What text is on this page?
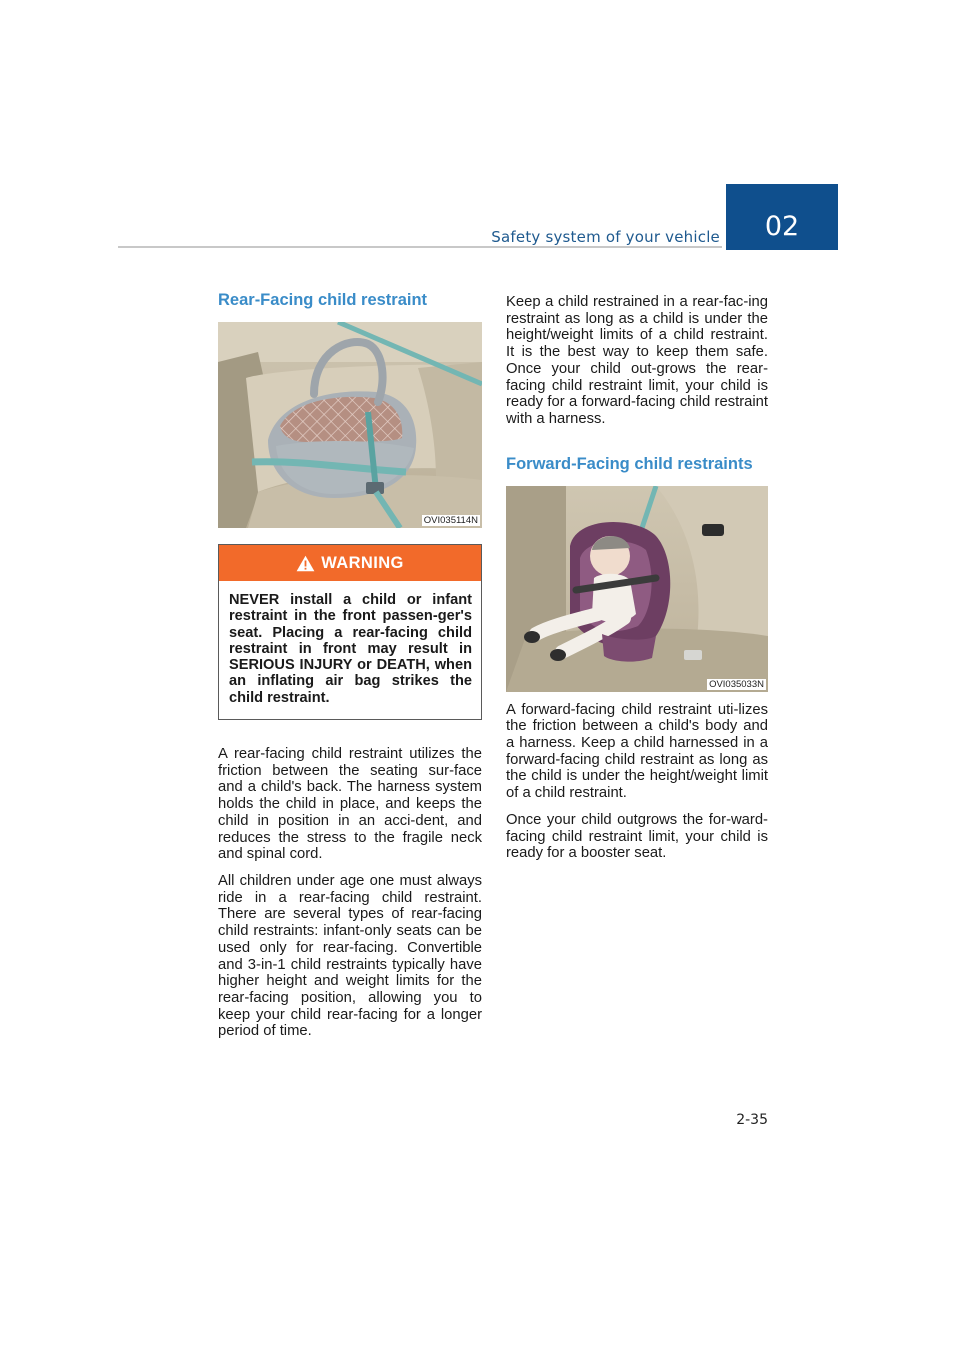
Safety system of your vehicle	02
Rear-Facing child restraint
OVI035114N
WARNING
NEVER install a child or infant restraint in the front passen-ger's seat. Placing a rear-facing child restraint in front may result in SERIOUS INJURY or DEATH, when an inflating air bag strikes the child restraint.

A rear-facing child restraint utilizes the friction between the seating sur-face and a child's back. The harness system holds the child in place, and keeps the child in position in an acci-dent, and reduces the stress to the fragile neck and spinal cord.

All children under age one must always ride in a rear-facing child restraint. There are several types of rear-facing child restraints: infant-only seats can be used only for rear-facing. Convertible and 3-in-1 child restraints typically have higher height and weight limits for the rear-facing position, allowing you to keep your child rear-facing for a longer period of time.

Keep a child restrained in a rear-fac-ing restraint as long as a child is under the height/weight limits of a child restraint. It is the best way to keep them safe. Once your child out-grows the rear-facing child restraint limit, your child is ready for a forward-facing child restraint with a harness.

Forward-Facing child restraints
OVI035033N

A forward-facing child restraint uti-lizes the friction between a child's body and a harness. Keep a child harnessed in a forward-facing child restraint as long as the child is under the height/weight limit of a child restraint.

Once your child outgrows the for-ward-facing child restraint limit, your child is ready for a booster seat.

2-35
